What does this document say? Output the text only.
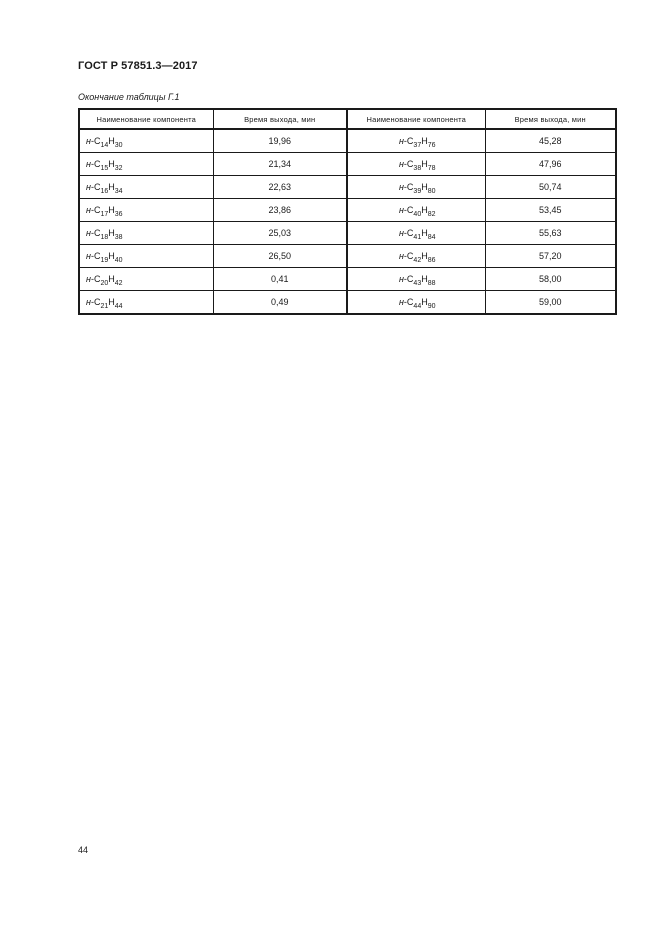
ГОСТ Р 57851.3—2017
Окончание таблицы Г.1
Наименование компонента	Время выхода, мин	Наименование компонента	Время выхода, мин
$н-C_{14}H_{30}$	19,96	$н-C_{37}H_{76}$	45,28
$н-C_{15}H_{32}$	21,34	$н-C_{38}H_{78}$	47,96
$н-C_{16}H_{34}$	22,63	$н-C_{39}H_{80}$	50,74
$н-C_{17}H_{36}$	23,86	$н-C_{40}H_{82}$	53,45
$н-C_{18}H_{38}$	25,03	$н-C_{41}H_{84}$	55,63
$н-C_{19}H_{40}$	26,50	$н-C_{42}H_{86}$	57,20
$н-C_{20}H_{42}$	0,41	$н-C_{43}H_{88}$	58,00
$н-C_{21}H_{44}$	0,49	$н-C_{44}H_{90}$	59,00
44
